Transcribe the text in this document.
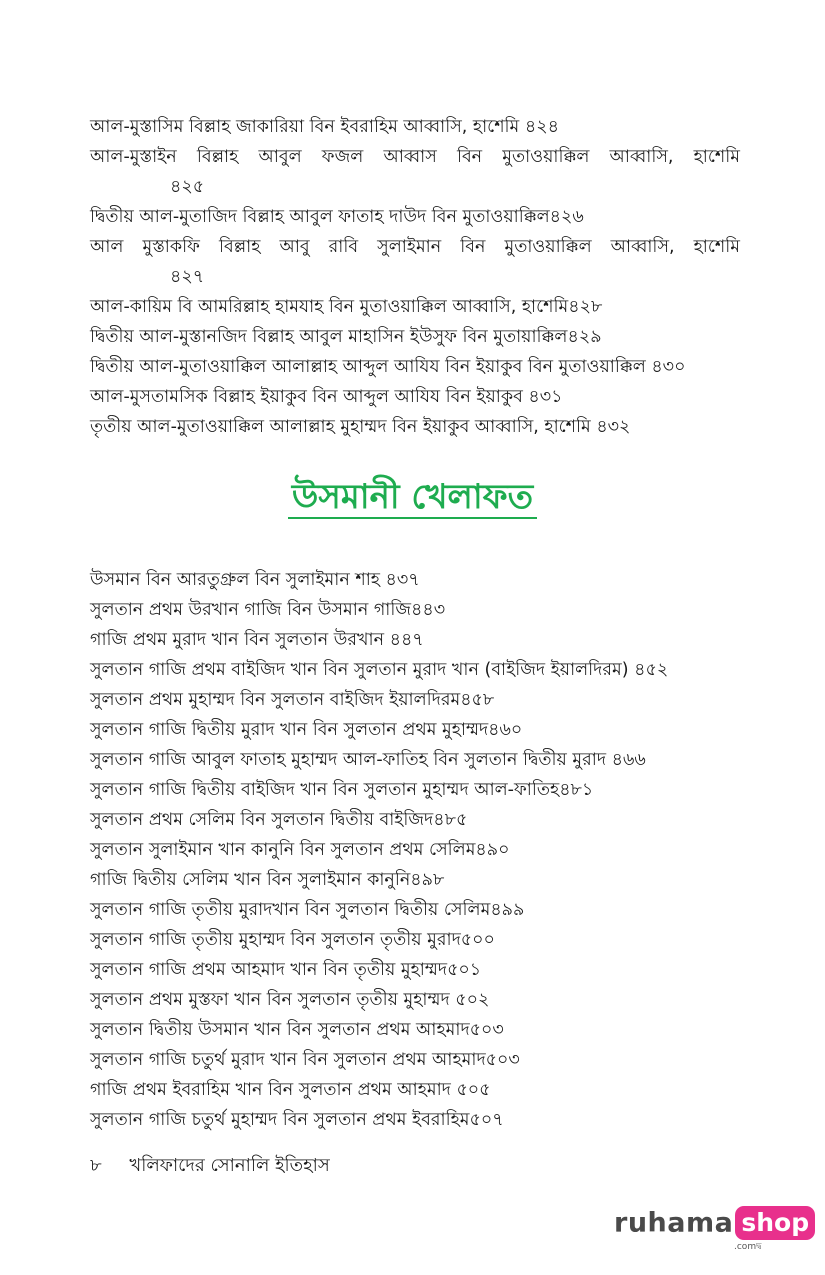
আল-মুস্তাসিম বিল্লাহ জাকারিয়া বিন ইবরাহিম আব্বাসি, হাশেমি ৪২৪
আল-মুস্তাইন বিল্লাহ আবুল ফজল আব্বাস বিন মুতাওয়াক্কিল আব্বাসি, হাশেমি
৪২৫
দ্বিতীয় আল-মুতাজিদ বিল্লাহ আবুল ফাতাহ দাউদ বিন মুতাওয়াক্কিল৪২৬
আল মুস্তাকফি বিল্লাহ আবু রাবি সুলাইমান বিন মুতাওয়াক্কিল আব্বাসি, হাশেমি
৪২৭
আল-কায়িম বি আমরিল্লাহ হামযাহ বিন মুতাওয়াক্কিল আব্বাসি, হাশেমি৪২৮
দ্বিতীয় আল-মুস্তানজিদ বিল্লাহ আবুল মাহাসিন ইউসুফ বিন মুতায়াক্কিল৪২৯
দ্বিতীয় আল-মুতাওয়াক্কিল আলাল্লাহ আব্দুল আযিয বিন ইয়াকুব বিন মুতাওয়াক্কিল ৪৩০
আল-মুসতামসিক বিল্লাহ ইয়াকুব বিন আব্দুল আযিয বিন ইয়াকুব ৪৩১
তৃতীয় আল-মুতাওয়াক্কিল আলাল্লাহ মুহাম্মদ বিন ইয়াকুব আব্বাসি, হাশেমি ৪৩২
উসমানী খেলাফত
উসমান বিন আরতুগ্রুল বিন সুলাইমান শাহ ৪৩৭
সুলতান প্রথম উরখান গাজি বিন উসমান গাজি৪৪৩
গাজি প্রথম মুরাদ খান বিন সুলতান উরখান ৪৪৭
সুলতান গাজি প্রথম বাইজিদ খান বিন সুলতান মুরাদ খান (বাইজিদ ইয়ালদিরম) ৪৫২
সুলতান প্রথম মুহাম্মদ বিন সুলতান বাইজিদ ইয়ালদিরম৪৫৮
সুলতান গাজি দ্বিতীয় মুরাদ খান বিন সুলতান প্রথম মুহাম্মদ৪৬০
সুলতান গাজি আবুল ফাতাহ মুহাম্মদ আল-ফাতিহ বিন সুলতান দ্বিতীয় মুরাদ ৪৬৬
সুলতান গাজি দ্বিতীয় বাইজিদ খান বিন সুলতান মুহাম্মদ আল-ফাতিহ৪৮১
সুলতান প্রথম সেলিম বিন সুলতান দ্বিতীয় বাইজিদ৪৮৫
সুলতান সুলাইমান খান কানুনি বিন সুলতান প্রথম সেলিম৪৯০
গাজি দ্বিতীয় সেলিম খান বিন সুলাইমান কানুনি৪৯৮
সুলতান গাজি তৃতীয় মুরাদখান বিন সুলতান দ্বিতীয় সেলিম৪৯৯
সুলতান গাজি তৃতীয় মুহাম্মদ বিন সুলতান তৃতীয় মুরাদ৫০০
সুলতান গাজি প্রথম আহমাদ খান বিন তৃতীয় মুহাম্মদ৫০১
সুলতান প্রথম মুস্তফা খান বিন সুলতান তৃতীয় মুহাম্মদ ৫০২
সুলতান দ্বিতীয় উসমান খান বিন সুলতান প্রথম আহমাদ৫০৩
সুলতান গাজি চতুর্থ মুরাদ খান বিন সুলতান প্রথম আহমাদ৫০৩
গাজি প্রথম ইবরাহিম খান বিন সুলতান প্রথম আহমাদ ৫০৫
সুলতান গাজি চতুর্থ মুহাম্মদ বিন সুলতান প্রথম ইবরাহিম৫০৭
৮ খলিফাদের সোনালি ইতিহাস
ruhama shop
.comদ্ব
